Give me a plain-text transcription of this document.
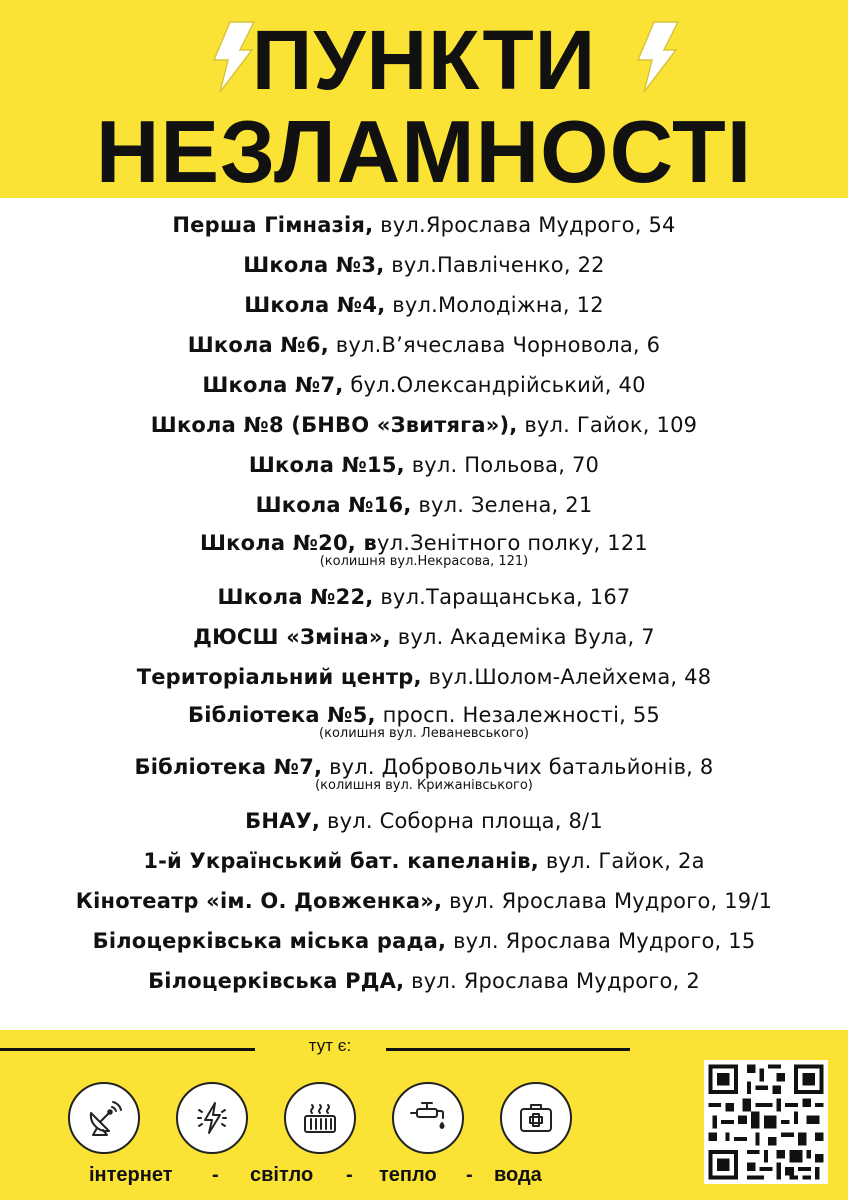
ПУНКТИ
НЕЗЛАМНОСТІ
Перша Гімназія, вул.Ярослава Мудрого, 54
Школа №3, вул.Павліченко, 22
Школа №4, вул.Молодіжна, 12
Школа №6, вул.В’ячеслава Чорновола, 6
Школа №7, бул.Олександрійський, 40
Школа №8 (БНВО «Звитяга»), вул. Гайок, 109
Школа №15, вул. Польова, 70
Школа №16, вул. Зелена, 21
Школа №20, вул.Зенітного полку, 121
(колишня вул.Некрасова, 121)
Школа №22, вул.Таращанська, 167
ДЮСШ «Зміна», вул. Академіка Вула, 7
Територіальний центр, вул.Шолом-Алейхема, 48
Бібліотека №5, просп. Незалежності, 55
(колишня вул. Леваневського)
Бібліотека №7, вул. Добровольчих батальйонів, 8
(колишня вул. Крижанівського)
БНАУ, вул. Соборна площа, 8/1
1-й Український бат. капеланів, вул. Гайок, 2а
Кінотеатр «ім. О. Довженка», вул. Ярослава Мудрого, 19/1
Білоцерківська міська рада, вул. Ярослава Мудрого, 15
Білоцерківська РДА, вул. Ярослава Мудрого, 2
тут є:
інтернет - світло - тепло - вода
